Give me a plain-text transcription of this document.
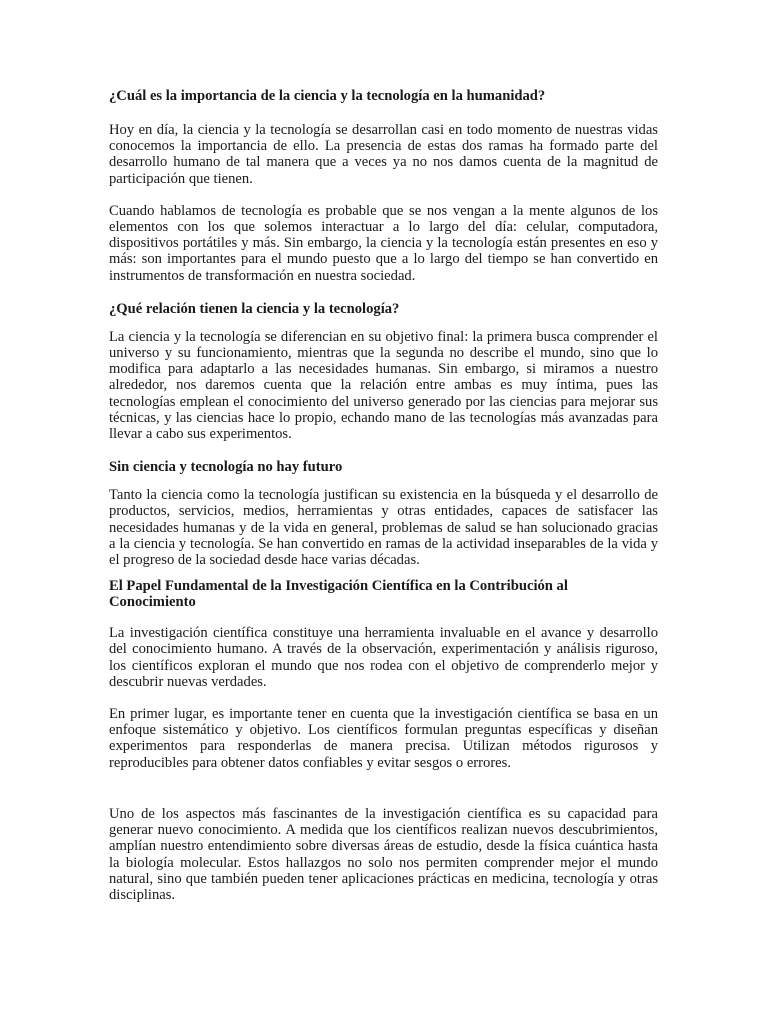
¿Cuál es la importancia de la ciencia y la tecnología en la humanidad?

Hoy en día, la ciencia y la tecnología se desarrollan casi en todo momento de nuestras vidas conocemos la importancia de ello. La presencia de estas dos ramas ha formado parte del desarrollo humano de tal manera que a veces ya no nos damos cuenta de la magnitud de participación que tienen.

Cuando hablamos de tecnología es probable que se nos vengan a la mente algunos de los elementos con los que solemos interactuar a lo largo del día: celular, computadora, dispositivos portátiles y más. Sin embargo, la ciencia y la tecnología están presentes en eso y más: son importantes para el mundo puesto que a lo largo del tiempo se han convertido en instrumentos de transformación en nuestra sociedad.

¿Qué relación tienen la ciencia y la tecnología?

La ciencia y la tecnología se diferencian en su objetivo final: la primera busca comprender el universo y su funcionamiento, mientras que la segunda no describe el mundo, sino que lo modifica para adaptarlo a las necesidades humanas. Sin embargo, si miramos a nuestro alrededor, nos daremos cuenta que la relación entre ambas es muy íntima, pues las tecnologías emplean el conocimiento del universo generado por las ciencias para mejorar sus técnicas, y las ciencias hace lo propio, echando mano de las tecnologías más avanzadas para llevar a cabo sus experimentos.

Sin ciencia y tecnología no hay futuro

Tanto la ciencia como la tecnología justifican su existencia en la búsqueda y el desarrollo de productos, servicios, medios, herramientas y otras entidades, capaces de satisfacer las necesidades humanas y de la vida en general, problemas de salud se han solucionado gracias a la ciencia y tecnología. Se han convertido en ramas de la actividad inseparables de la vida y el progreso de la sociedad desde hace varias décadas.

El Papel Fundamental de la Investigación Científica en la Contribución al Conocimiento

La investigación científica constituye una herramienta invaluable en el avance y desarrollo del conocimiento humano. A través de la observación, experimentación y análisis riguroso, los científicos exploran el mundo que nos rodea con el objetivo de comprenderlo mejor y descubrir nuevas verdades.

En primer lugar, es importante tener en cuenta que la investigación científica se basa en un enfoque sistemático y objetivo. Los científicos formulan preguntas específicas y diseñan experimentos para responderlas de manera precisa. Utilizan métodos rigurosos y reproducibles para obtener datos confiables y evitar sesgos o errores.

Uno de los aspectos más fascinantes de la investigación científica es su capacidad para generar nuevo conocimiento. A medida que los científicos realizan nuevos descubrimientos, amplían nuestro entendimiento sobre diversas áreas de estudio, desde la física cuántica hasta la biología molecular. Estos hallazgos no solo nos permiten comprender mejor el mundo natural, sino que también pueden tener aplicaciones prácticas en medicina, tecnología y otras disciplinas.
